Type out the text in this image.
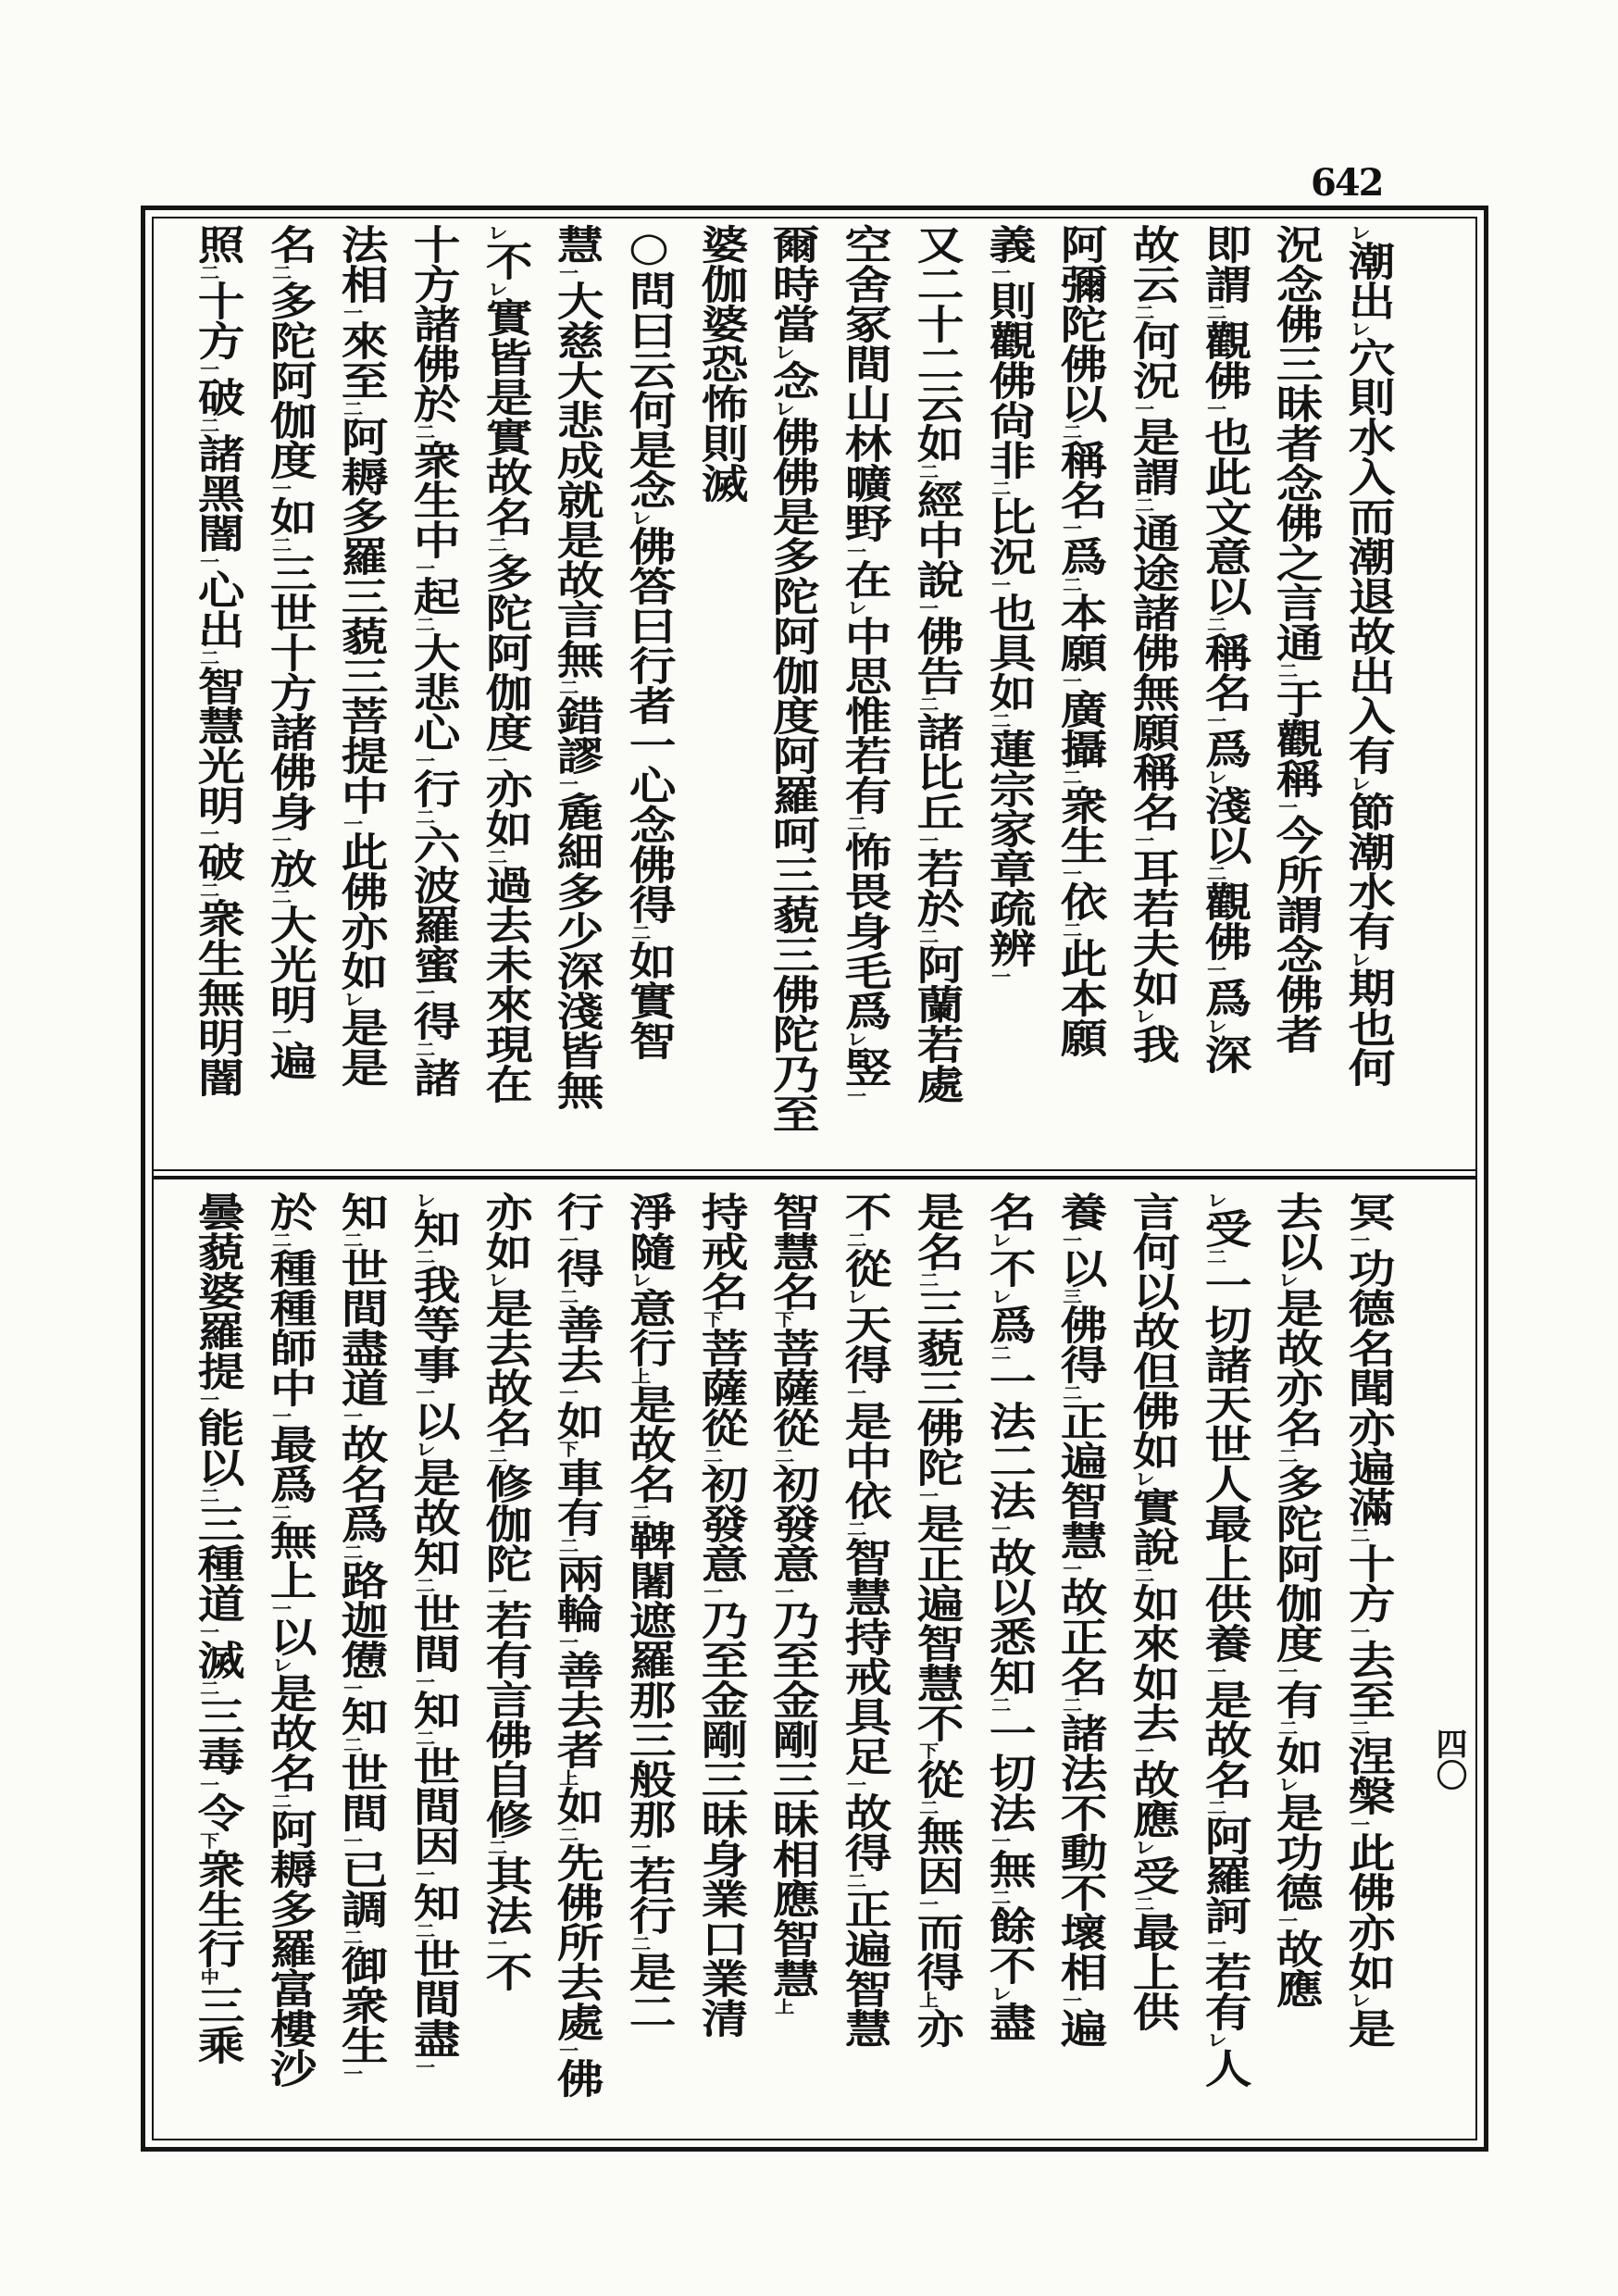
642
㆑潮出㆑穴則水入而潮退故出入有㆑節潮水有㆑期也何
況念佛三昧者念佛之言通㆓于觀稱㆒今所謂念佛者
即謂㆓觀佛㆒也此文意以㆓稱名㆒爲㆑淺以㆓觀佛㆒爲㆑深
故云㆓何況㆒是謂㆓通途諸佛無願稱名㆒耳若夫如㆑我
阿彌陀佛以㆓稱名㆒爲㆓本願㆒廣攝㆓衆生㆒依㆓此本願
義㆒則觀佛尙非㆓比況㆒也具如㆓蓮宗家章疏辨㆒
又二十二云如㆓經中說㆒佛告㆓諸比丘㆒若於㆓阿蘭若處
空舍冢間山林曠野㆒在㆑中思惟若有㆓怖畏身毛爲㆑竪㆒
爾時當㆑念㆑佛佛是多陀阿伽度阿羅呵三藐三佛陀乃至
婆伽婆恐怖則滅
○問曰云何是念㆑佛答曰行者一心念佛得㆓如實智
慧㆒大慈大悲成就是故言無㆓錯謬㆒麁細多少深淺皆無
㆑不㆑實皆是實故名㆓多陀阿伽度㆒亦如㆓過去未來現在
十方諸佛於㆓衆生中㆒起㆓大悲心㆒行㆓六波羅蜜㆒得㆓諸
法相㆒來至㆓阿耨多羅三藐三菩提中㆒此佛亦如㆑是是
名㆓多陀阿伽度㆒如㆓三世十方諸佛身㆒放㆓大光明㆒遍
照㆓十方㆒破㆓諸黑闇㆒心出㆓智慧光明㆒破㆓衆生無明闇
冥㆒功德名聞亦遍滿㆓十方㆒去至㆓涅槃㆒此佛亦如㆑是
去以㆑是故亦名㆓多陀阿伽度㆒有㆓如㆑是功德㆒故應
㆑受㆓一切諸天世人最上供養㆒是故名㆓阿羅訶㆒若有㆑人
言何以故但佛如㆑實說㆓如來如去㆒故應㆑受㆓最上供
養㆒以㆔佛得㆓正遍智慧㆒故正名㆓諸法不動不壞相㆒遍
名㆑不㆑爲㆓一法二法㆒故以悉知㆓一切法㆒無㆓餘不㆑盡
是名㆓三藐三佛陀㆒是正遍智慧不㆘從㆓無因㆒而得㆖亦
不㆓從㆑天得㆒是中依㆓智慧持戒具足㆒故得㆓正遍智慧
智慧名㆘菩薩從㆓初發意㆒乃至金剛三昧相應智慧㆖
持戒名㆘菩薩從㆓初發意㆒乃至金剛三昧身業口業清
淨隨㆑意行㆖是故名㆓鞞闍遮羅那三般那㆒若行㆓是二
行㆒得㆓善去㆒如㆘車有㆓兩輪㆒善去者㆖如㆓先佛所去處㆒佛
亦如㆑是去故名㆓修伽陀㆒若有言佛自修㆓其法㆒不
㆑知㆓我等事㆒以㆑是故知㆓世間㆒知㆓世間因㆒知㆓世間盡㆒
知㆓世間盡道㆒故名爲㆓路迦憊㆒知㆓世間㆒已調㆓御衆生㆒
於㆓種種師中㆒最爲㆓無上㆒以㆑是故名㆓阿耨多羅富樓沙
曇藐婆羅提㆒能以㆓三種道㆒滅㆓三毒㆒令㆘衆生行㆗三乘
四〇
